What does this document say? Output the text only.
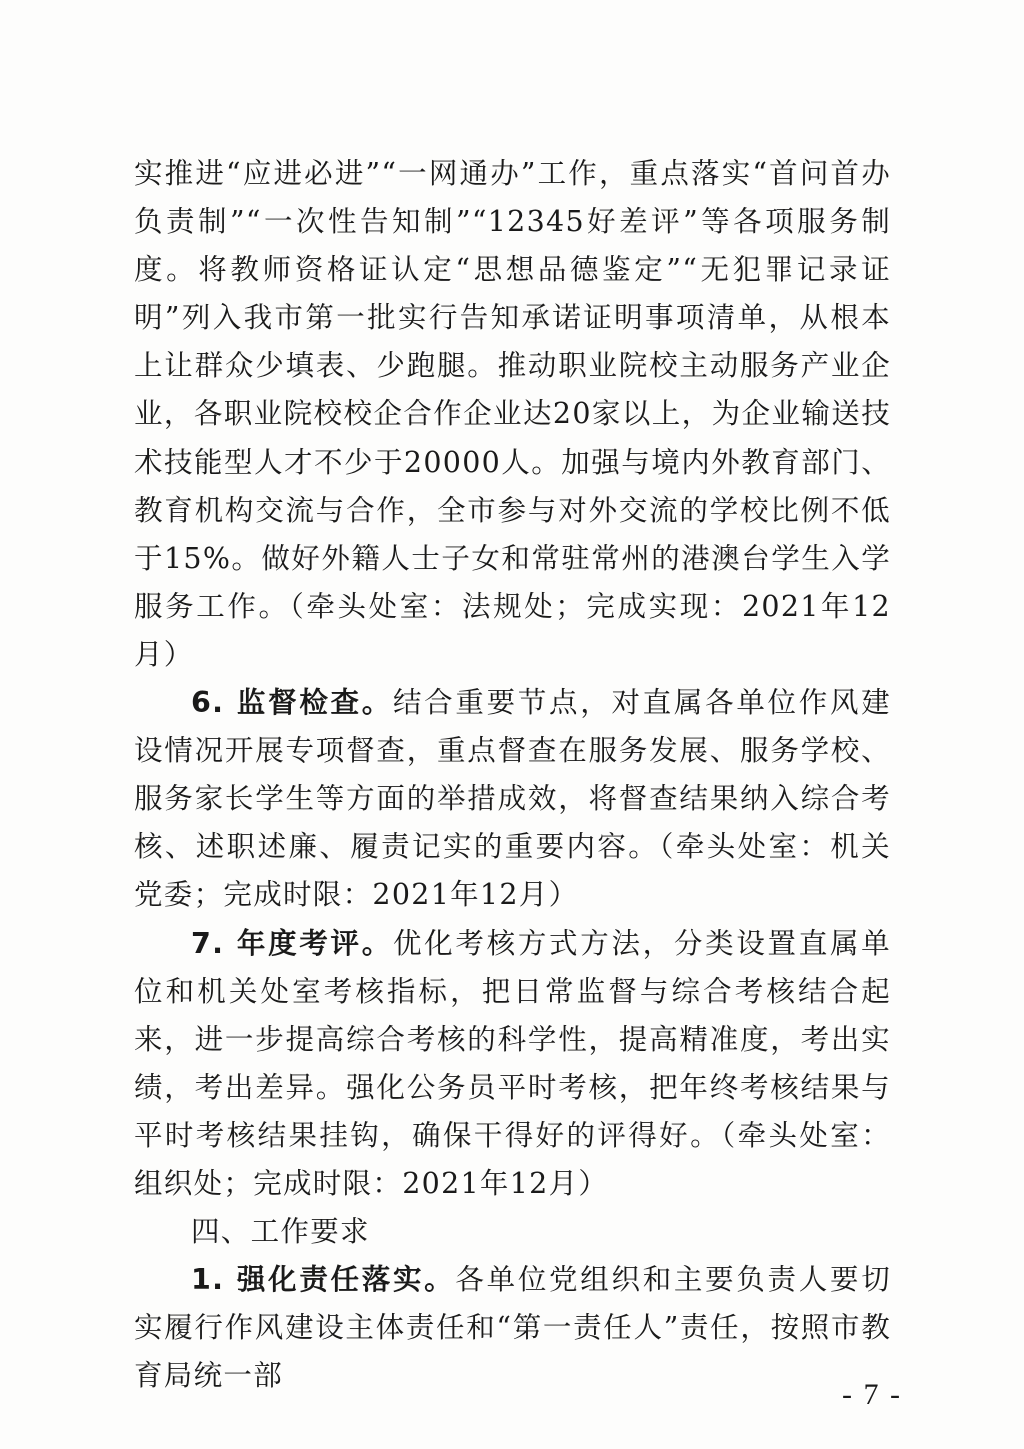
实推进“应进必进”“一网通办”工作，重点落实“首问首办负责制”“一次性告知制”“12345好差评”等各项服务制度。将教师资格证认定“思想品德鉴定”“无犯罪记录证明”列入我市第一批实行告知承诺证明事项清单，从根本上让群众少填表、少跑腿。推动职业院校主动服务产业企业，各职业院校校企合作企业达20家以上，为企业输送技术技能型人才不少于20000人。加强与境内外教育部门、教育机构交流与合作，全市参与对外交流的学校比例不低于15%。做好外籍人士子女和常驻常州的港澳台学生入学服务工作。（牵头处室：法规处；完成实现：2021年12月）

6. 监督检查。结合重要节点，对直属各单位作风建设情况开展专项督查，重点督查在服务发展、服务学校、服务家长学生等方面的举措成效，将督查结果纳入综合考核、述职述廉、履责记实的重要内容。（牵头处室：机关党委；完成时限：2021年12月）

7. 年度考评。优化考核方式方法，分类设置直属单位和机关处室考核指标，把日常监督与综合考核结合起来，进一步提高综合考核的科学性，提高精准度，考出实绩，考出差异。强化公务员平时考核，把年终考核结果与平时考核结果挂钩，确保干得好的评得好。（牵头处室：组织处；完成时限：2021年12月）

四、工作要求

1. 强化责任落实。各单位党组织和主要负责人要切实履行作风建设主体责任和“第一责任人”责任，按照市教育局统一部

- 7 -
